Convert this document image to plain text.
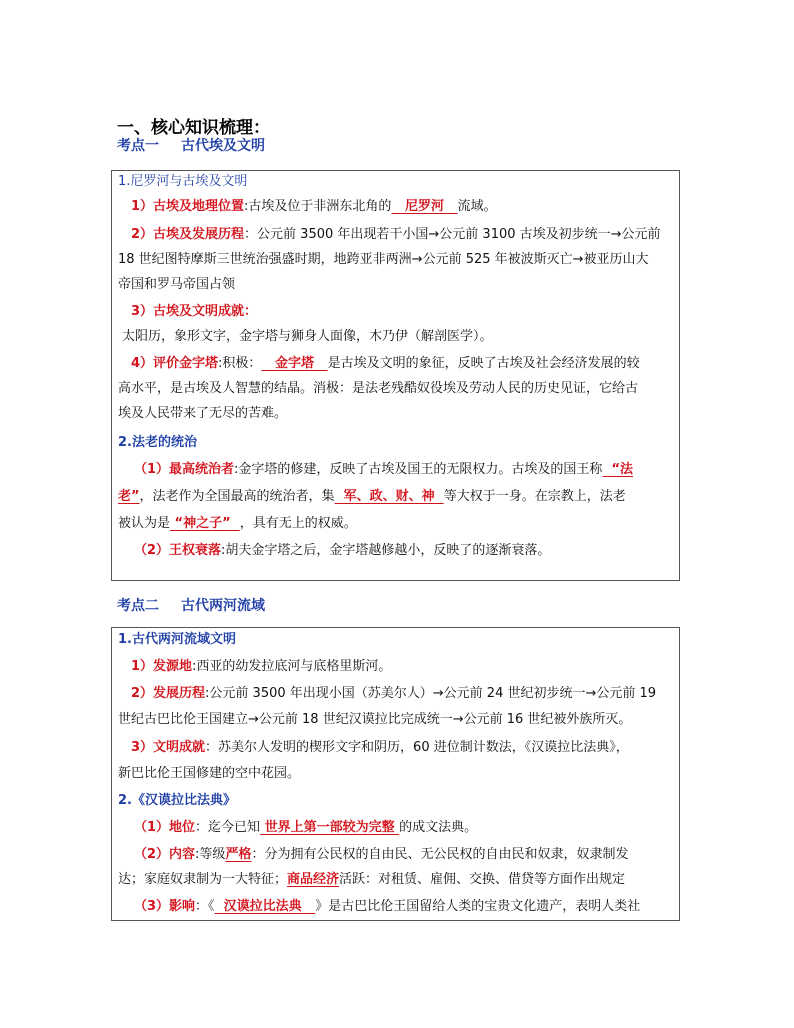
一、核心知识梳理：
考点一 古代埃及文明
1.尼罗河与古埃及文明
1）古埃及地理位置:古埃及位于非洲东北角的 尼罗河 流域。
2）古埃及发展历程：公元前 3500 年出现若干小国→公元前 3100 古埃及初步统一→公元前
18 世纪图特摩斯三世统治强盛时期，地跨亚非两洲→公元前 525 年被波斯灭亡→被亚历山大
帝国和罗马帝国占领
3）古埃及文明成就：
太阳历，象形文字，金字塔与狮身人面像，木乃伊（解剖医学）。
4）评价金字塔:积极： 金字塔 是古埃及文明的象征，反映了古埃及社会经济发展的较
高水平，是古埃及人智慧的结晶。消极：是法老残酷奴役埃及劳动人民的历史见证，它给古
埃及人民带来了无尽的苦难。
2.法老的统治
（1）最高统治者:金字塔的修建，反映了古埃及国王的无限权力。古埃及的国王称 “法
老”，法老作为全国最高的统治者，集 军、政、财、神 等大权于一身。在宗教上，法老
被认为是 “神之子” ，具有无上的权威。
（2）王权衰落:胡夫金字塔之后，金字塔越修越小，反映了的逐渐衰落。
考点二 古代两河流域
1.古代两河流域文明
1）发源地:西亚的幼发拉底河与底格里斯河。
2）发展历程:公元前 3500 年出现小国（苏美尔人）→公元前 24 世纪初步统一→公元前 19
世纪古巴比伦王国建立→公元前 18 世纪汉谟拉比完成统一→公元前 16 世纪被外族所灭。
3）文明成就：苏美尔人发明的楔形文字和阴历，60 进位制计数法，《汉谟拉比法典》，
新巴比伦王国修建的空中花园。
2.《汉谟拉比法典》
（1）地位：迄今已知 世界上第一部较为完整 的成文法典。
（2）内容:等级严格：分为拥有公民权的自由民、无公民权的自由民和奴隶，奴隶制发
达；家庭奴隶制为一大特征；商品经济活跃：对租赁、雇佣、交换、借贷等方面作出规定
（3）影响：《 汉谟拉比法典 》是古巴比伦王国留给人类的宝贵文化遗产，表明人类社
